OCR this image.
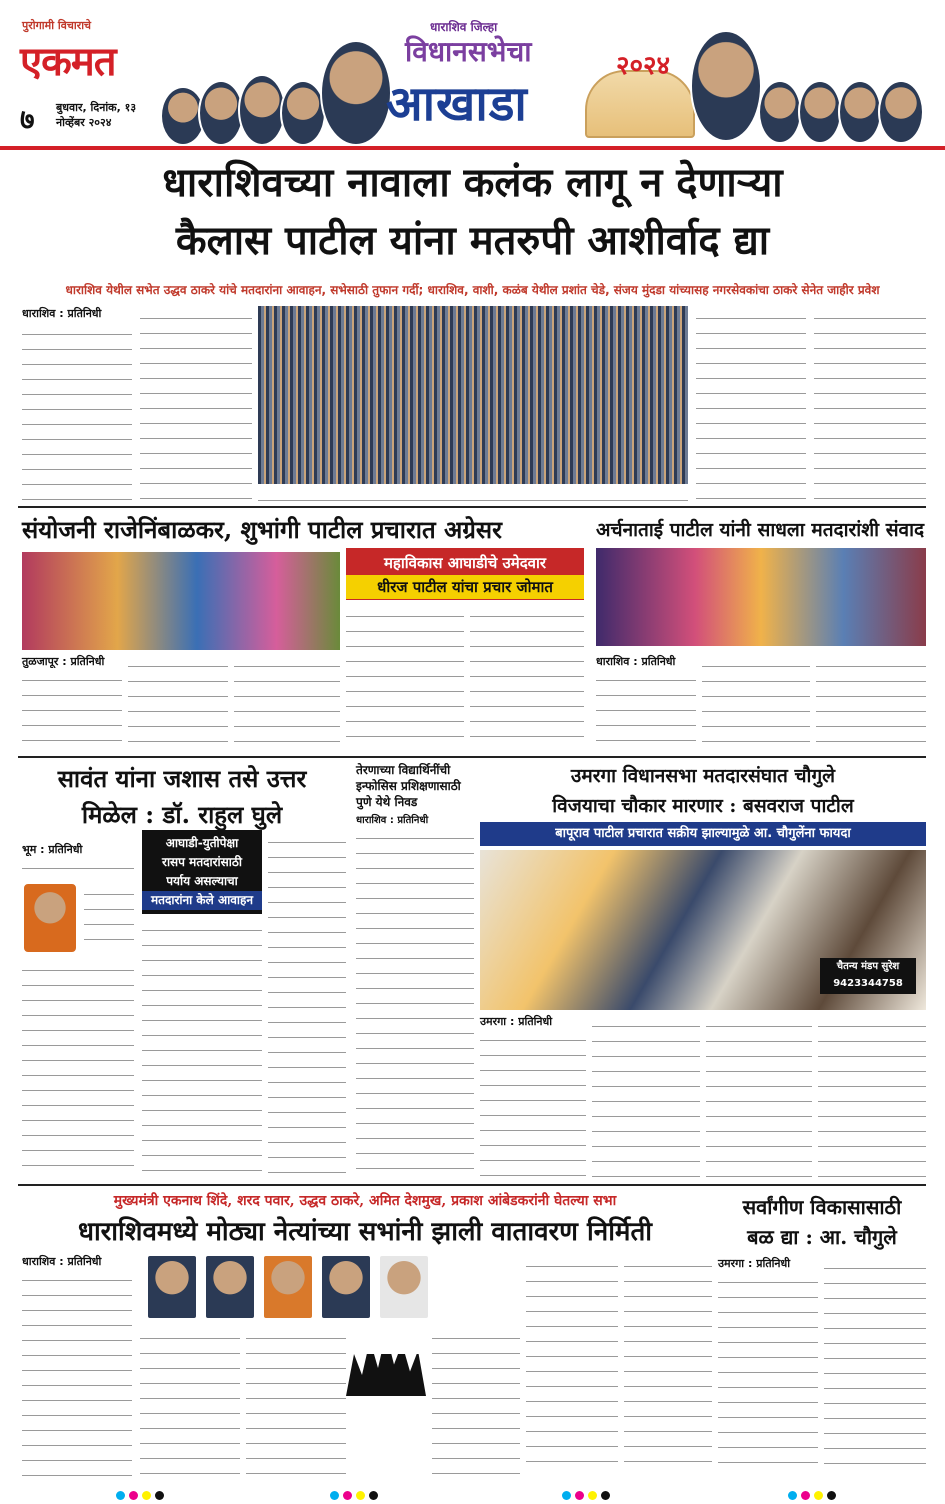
पुरोगामी विचाराचे
एकमत
७ बुधवार, दिनांक, १३
नोव्हेंबर २०२४
धाराशिव जिल्हा
विधानसभेचा
आखाडा
२०२४
धाराशिवच्या नावाला कलंक लागू न देणाऱ्या
कैलास पाटील यांना मतरुपी आशीर्वाद द्या
धाराशिव येथील सभेत उद्धव ठाकरे यांचे मतदारांना आवाहन, सभेसाठी तुफान गर्दी; धाराशिव, वाशी, कळंब येथील प्रशांत चेडे, संजय मुंदडा यांच्यासह नगरसेवकांचा ठाकरे सेनेत जाहीर प्रवेश
धाराशिव : प्रतिनिधी
संयोजनी राजेनिंबाळकर, शुभांगी पाटील प्रचारात अग्रेसर
तुळजापूर : प्रतिनिधी
महाविकास आघाडीचे उमेदवार
धीरज पाटील यांचा प्रचार जोमात
अर्चनाताई पाटील यांनी साधला मतदारांशी संवाद
धाराशिव : प्रतिनिधी
सावंत यांना जशास तसे उत्तर
मिळेल : डॉ. राहुल घुले
भूम : प्रतिनिधी	आघाडी-युतीपेक्षा
रासप मतदारांसाठी
पर्याय असल्याचा
मतदारांना केले आवाहन
तेरणाच्या विद्यार्थिनींची
इन्फोसिस प्रशिक्षणासाठी
पुणे येथे निवड
धाराशिव : प्रतिनिधी
उमरगा विधानसभा मतदारसंघात चौगुले
विजयाचा चौकार मारणार : बसवराज पाटील
बापूराव पाटील प्रचारात सक्रीय झाल्यामुळे आ. चौगुलेंना फायदा
चैतन्य मंडप सुरेश
9423344758
उमरगा : प्रतिनिधी
मुख्यमंत्री एकनाथ शिंदे, शरद पवार, उद्धव ठाकरे, अमित देशमुख, प्रकाश आंबेडकरांनी घेतल्या सभा
धाराशिवमध्ये मोठ्या नेत्यांच्या सभांनी झाली वातावरण निर्मिती
धाराशिव : प्रतिनिधी
सर्वांगीण विकासासाठी
बळ द्या : आ. चौगुले
उमरगा : प्रतिनिधी
